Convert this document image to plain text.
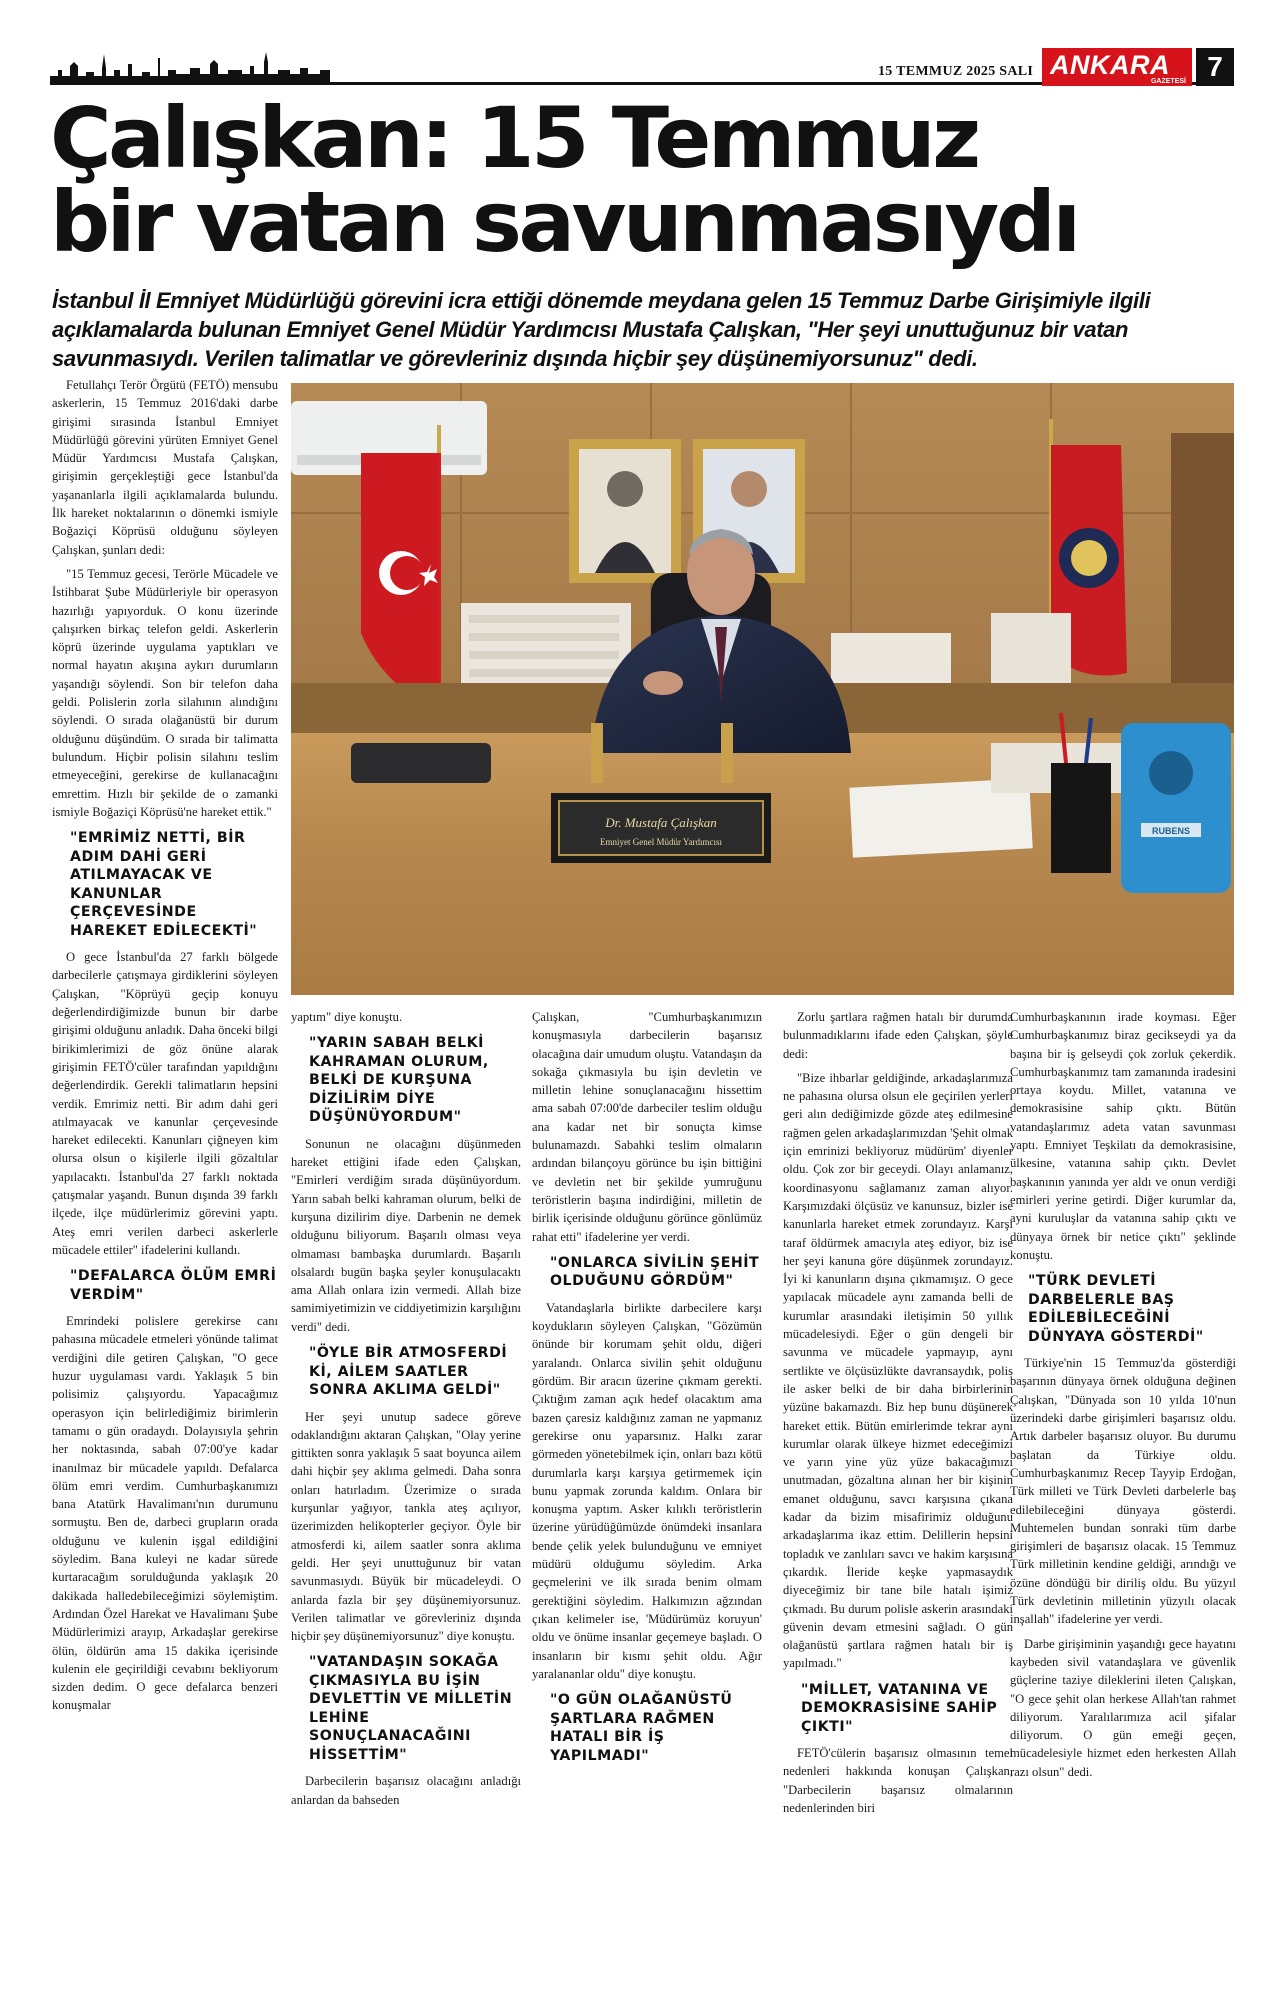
15 TEMMUZ 2025 SALI ANKARA
GAZETESİ 7
Çalışkan: 15 Temmuz
bir vatan savunmasıydı

İstanbul İl Emniyet Müdürlüğü görevini icra ettiği dönemde meydana gelen 15 Temmuz Darbe Girişimiyle ilgili açıklamalarda bulunan Emniyet Genel Müdür Yardımcısı Mustafa Çalışkan, "Her şeyi unuttuğunuz bir vatan savunmasıydı. Verilen talimatlar ve görevleriniz dışında hiçbir şey düşünemiyorsunuz" dedi.

Dr. Mustafa Çalışkan
Emniyet Genel Müdür Yardımcısı
RUBENS

Fetullahçı Terör Örgütü (FETÖ) mensubu askerlerin, 15 Temmuz 2016'daki darbe girişimi sırasında İstanbul Emniyet Müdürlüğü görevini yürüten Emniyet Genel Müdür Yardımcısı Mustafa Çalışkan, girişimin gerçekleştiği gece İstanbul'da yaşananlarla ilgili açıklamalarda bulundu. İlk hareket noktalarının o dönemki ismiyle Boğaziçi Köprüsü olduğunu söyleyen Çalışkan, şunları dedi:

"15 Temmuz gecesi, Terörle Mücadele ve İstihbarat Şube Müdürleriyle bir operasyon hazırlığı yapıyorduk. O konu üzerinde çalışırken birkaç telefon geldi. Askerlerin köprü üzerinde uygulama yaptıkları ve normal hayatın akışına aykırı durumların yaşandığı söylendi. Son bir telefon daha geldi. Polislerin zorla silahının alındığını söylendi. O sırada olağanüstü bir durum olduğunu düşündüm. O sırada bir talimatta bulundum. Hiçbir polisin silahını teslim etmeyeceğini, gerekirse de kullanacağını emrettim. Hızlı bir şekilde de o zamanki ismiyle Boğaziçi Köprüsü'ne hareket ettik."

"EMRİMİZ NETTİ, BİR ADIM DAHİ GERİ ATILMAYACAK VE KANUNLAR ÇERÇEVESİNDE HAREKET EDİLECEKTİ"

O gece İstanbul'da 27 farklı bölgede darbecilerle çatışmaya girdiklerini söyleyen Çalışkan, "Köprüyü geçip konuyu değerlendirdiğimizde bunun bir darbe girişimi olduğunu anladık. Daha önceki bilgi birikimlerimizi de göz önüne alarak girişimin FETÖ'cüler tarafından yapıldığını değerlendirdik. Gerekli talimatların hepsini verdik. Emrimiz netti. Bir adım dahi geri atılmayacak ve kanunlar çerçevesinde hareket edilecekti. Kanunları çiğneyen kim olursa olsun o kişilerle ilgili gözaltılar yapılacaktı. İstanbul'da 27 farklı noktada çatışmalar yaşandı. Bunun dışında 39 farklı ilçede, ilçe müdürlerimiz görevini yaptı. Ateş emri verilen darbeci askerlerle mücadele ettiler" ifadelerini kullandı.

"DEFALARCA ÖLÜM EMRİ VERDİM"

Emrindeki polislere gerekirse canı pahasına mücadele etmeleri yönünde talimat verdiğini dile getiren Çalışkan, "O gece huzur uygulaması vardı. Yaklaşık 5 bin polisimiz çalışıyordu. Yapacağımız operasyon için belirlediğimiz birimlerin tamamı o gün oradaydı. Dolayısıyla şehrin her noktasında, sabah 07:00'ye kadar inanılmaz bir mücadele yapıldı. Defalarca ölüm emri verdim. Cumhurbaşkanımızı bana Atatürk Havalimanı'nın durumunu sormuştu. Ben de, darbeci grupların orada olduğunu ve kulenin işgal edildiğini söyledim. Bana kuleyi ne kadar sürede kurtaracağım sorulduğunda yaklaşık 20 dakikada halledebileceğimizi söylemiştim. Ardından Özel Harekat ve Havalimanı Şube Müdürlerimizi arayıp, Arkadaşlar gerekirse ölün, öldürün ama 15 dakika içerisinde kulenin ele geçirildiği cevabını bekliyorum sizden dedim. O gece defalarca benzeri konuşmalar

yaptım" diye konuştu.

"YARIN SABAH BELKİ KAHRAMAN OLURUM, BELKİ DE KURŞUNA DİZİLİRİM DİYE DÜŞÜNÜYORDUM"

Sonunun ne olacağını düşünmeden hareket ettiğini ifade eden Çalışkan, "Emirleri verdiğim sırada düşünüyordum. Yarın sabah belki kahraman olurum, belki de kurşuna dizilirim diye. Darbenin ne demek olduğunu biliyorum. Başarılı olması veya olmaması bambaşka durumlardı. Başarılı olsalardı bugün başka şeyler konuşulacaktı ama Allah onlara izin vermedi. Allah bize samimiyetimizin ve ciddiyetimizin karşılığını verdi" dedi.

"ÖYLE BİR ATMOSFERDİ Kİ, AİLEM SAATLER SONRA AKLIMA GELDİ"

Her şeyi unutup sadece göreve odaklandığını aktaran Çalışkan, "Olay yerine gittikten sonra yaklaşık 5 saat boyunca ailem dahi hiçbir şey aklıma gelmedi. Daha sonra onları hatırladım. Üzerimize o sırada kurşunlar yağıyor, tankla ateş açılıyor, üzerimizden helikopterler geçiyor. Öyle bir atmosferdi ki, ailem saatler sonra aklıma geldi. Her şeyi unuttuğunuz bir vatan savunmasıydı. Büyük bir mücadeleydi. O anlarda fazla bir şey düşünemiyorsunuz. Verilen talimatlar ve görevleriniz dışında hiçbir şey düşünemiyorsunuz" diye konuştu.

"VATANDAŞIN SOKAĞA ÇIKMASIYLA BU İŞİN DEVLETTİN VE MİLLETİN LEHİNE SONUÇLANACAĞINI HİSSETTİM"

Darbecilerin başarısız olacağını anladığı anlardan da bahseden

Çalışkan, "Cumhurbaşkanımızın konuşmasıyla darbecilerin başarısız olacağına dair umudum oluştu. Vatandaşın da sokağa çıkmasıyla bu işin devletin ve milletin lehine sonuçlanacağını hissettim ama sabah 07:00'de darbeciler teslim olduğu ana kadar net bir sonuçta kimse bulunamazdı. Sabahki teslim olmaların ardından bilançoyu görünce bu işin bittiğini ve devletin net bir şekilde yumruğunu teröristlerin başına indirdiğini, milletin de birlik içerisinde olduğunu görünce gönlümüz rahat etti" ifadelerine yer verdi.

"ONLARCA SİVİLİN ŞEHİT OLDUĞUNU GÖRDÜM"

Vatandaşlarla birlikte darbecilere karşı koydukların söyleyen Çalışkan, "Gözümün önünde bir korumam şehit oldu, diğeri yaralandı. Onlarca sivilin şehit olduğunu gördüm. Bir aracın üzerine çıkmam gerekti. Çıktığım zaman açık hedef olacaktım ama bazen çaresiz kaldığınız zaman ne yapmanız gerekirse onu yaparsınız. Halkı zarar görmeden yönetebilmek için, onları bazı kötü durumlarla karşı karşıya getirmemek için bunu yapmak zorunda kaldım. Onlara bir konuşma yaptım. Asker kılıklı teröristlerin üzerine yürüdüğümüzde önümdeki insanlara bende çelik yelek bulunduğunu ve emniyet müdürü olduğumu söyledim. Arka geçmelerini ve ilk sırada benim olmam gerektiğini söyledim. Halkımızın ağzından çıkan kelimeler ise, 'Müdürümüz koruyun' oldu ve önüme insanlar geçemeye başladı. O insanların bir kısmı şehit oldu. Ağır yaralananlar oldu" diye konuştu.

"O GÜN OLAĞANÜSTÜ ŞARTLARA RAĞMEN HATALI BİR İŞ YAPILMADI"

Zorlu şartlara rağmen hatalı bir durumda bulunmadıklarını ifade eden Çalışkan, şöyle dedi:

"Bize ihbarlar geldiğinde, arkadaşlarımıza ne pahasına olursa olsun ele geçirilen yerleri geri alın dediğimizde gözde ateş edilmesine rağmen gelen arkadaşlarımızdan 'Şehit olmak için emrinizi bekliyoruz müdürüm' diyenler oldu. Çok zor bir geceydi. Olayı anlamanız, koordinasyonu sağlamanız zaman alıyor. Karşımızdaki ölçüsüz ve kanunsuz, bizler ise kanunlarla hareket etmek zorundayız. Karşı taraf öldürmek amacıyla ateş ediyor, biz ise her şeyi kanuna göre düşünmek zorundayız. İyi ki kanunların dışına çıkmamışız. O gece yapılacak mücadele aynı zamanda belli de kurumlar arasındaki iletişimin 50 yıllık mücadelesiydi. Eğer o gün dengeli bir savunma ve mücadele yapmayıp, aynı sertlikte ve ölçüsüzlükte davransaydık, polis ile asker belki de bir daha birbirlerinin yüzüne bakamazdı. Biz hep bunu düşünerek hareket ettik. Bütün emirlerimde tekrar aynı kurumlar olarak ülkeye hizmet edeceğimizi ve yarın yine yüz yüze bakacağımızı unutmadan, gözaltına alınan her bir kişinin emanet olduğunu, savcı karşısına çıkana kadar da bizim misafirimiz olduğunu arkadaşlarıma ikaz ettim. Delillerin hepsini topladık ve zanlıları savcı ve hakim karşısına çıkardık. İleride keşke yapmasaydık diyeceğimiz bir tane bile hatalı işimiz çıkmadı. Bu durum polisle askerin arasındaki güvenin devam etmesini sağladı. O gün olağanüstü şartlara rağmen hatalı bir iş yapılmadı."

"MİLLET, VATANINA VE DEMOKRASİSİNE SAHİP ÇIKTI"

FETÖ'cülerin başarısız olmasının temel nedenleri hakkında konuşan Çalışkan, "Darbecilerin başarısız olmalarının nedenlerinden biri

Cumhurbaşkanının irade koyması. Eğer Cumhurbaşkanımız biraz gecikseydi ya da başına bir iş gelseydi çok zorluk çekerdik. Cumhurbaşkanımız tam zamanında iradesini ortaya koydu. Millet, vatanına ve demokrasisine sahip çıktı. Bütün vatandaşlarımız adeta vatan savunması yaptı. Emniyet Teşkilatı da demokrasisine, ülkesine, vatanına sahip çıktı. Devlet başkanının yanında yer aldı ve onun verdiği emirleri yerine getirdi. Diğer kurumlar da, ayni kuruluşlar da vatanına sahip çıktı ve dünyaya örnek bir netice çıktı" şeklinde konuştu.

"TÜRK DEVLETİ DARBELERLE BAŞ EDİLEBİLECEĞİNİ DÜNYAYA GÖSTERDİ"

Türkiye'nin 15 Temmuz'da gösterdiği başarının dünyaya örnek olduğuna değinen Çalışkan, "Dünyada son 10 yılda 10'nun üzerindeki darbe girişimleri başarısız oldu. Artık darbeler başarısız oluyor. Bu durumu başlatan da Türkiye oldu. Cumhurbaşkanımız Recep Tayyip Erdoğan, Türk milleti ve Türk Devleti darbelerle baş edilebileceğini dünyaya gösterdi. Muhtemelen bundan sonraki tüm darbe girişimleri de başarısız olacak. 15 Temmuz Türk milletinin kendine geldiği, arındığı ve özüne döndüğü bir diriliş oldu. Bu yüzyıl Türk devletinin milletinin yüzyılı olacak inşallah" ifadelerine yer verdi.

Darbe girişiminin yaşandığı gece hayatını kaybeden sivil vatandaşlara ve güvenlik güçlerine taziye dileklerini ileten Çalışkan, "O gece şehit olan herkese Allah'tan rahmet diliyorum. Yaralılarımıza acil şifalar diliyorum. O gün emeği geçen, mücadelesiyle hizmet eden herkesten Allah razı olsun" dedi.
